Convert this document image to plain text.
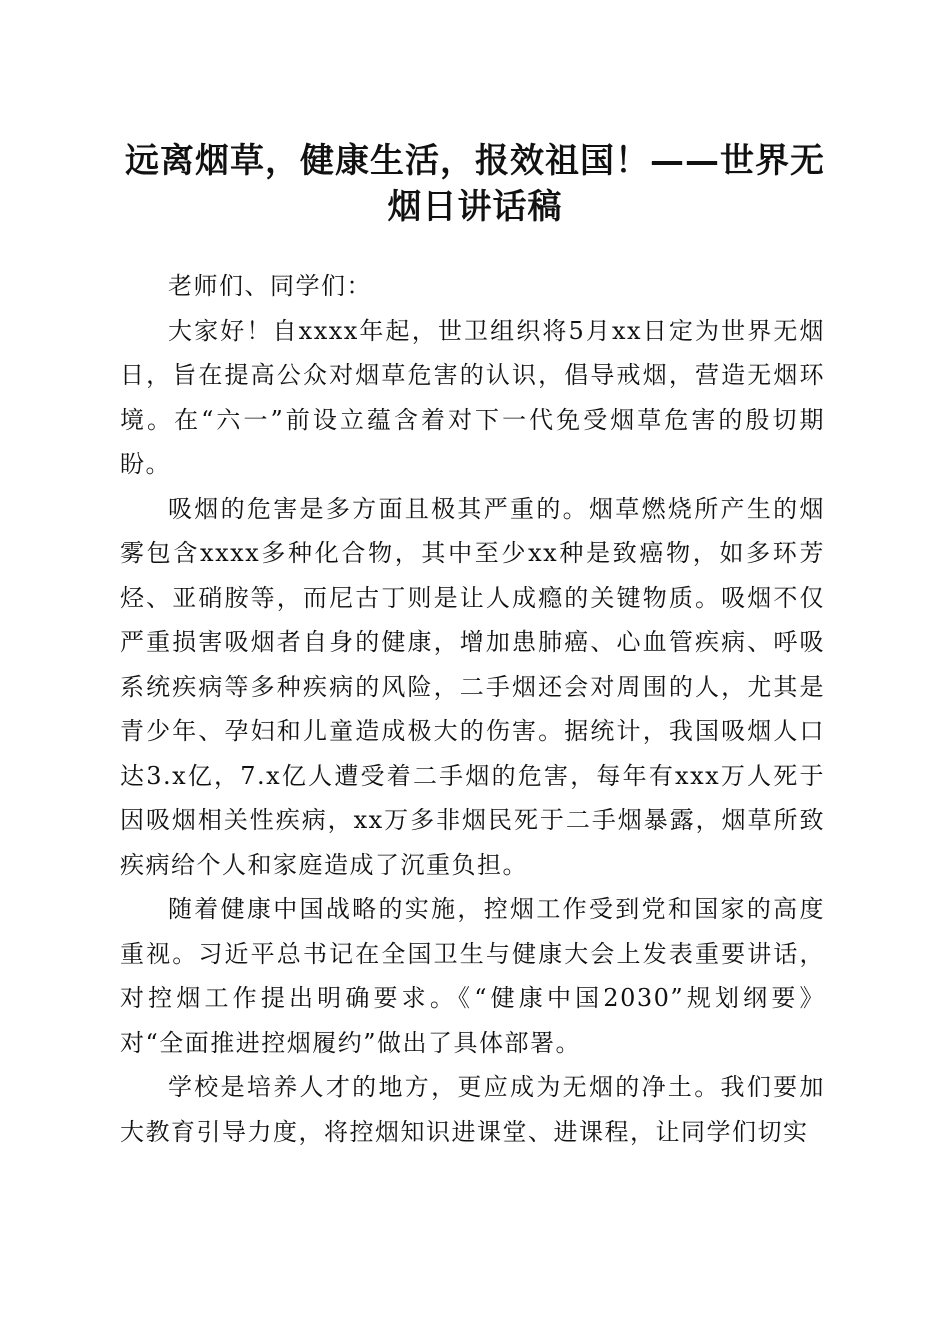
远离烟草，健康生活，报效祖国！——世界无
烟日讲话稿

老师们、同学们：

大家好！自xxxx年起，世卫组织将5月xx日定为世界无烟日，旨在提高公众对烟草危害的认识，倡导戒烟，营造无烟环境。在“六一”前设立蕴含着对下一代免受烟草危害的殷切期盼。

吸烟的危害是多方面且极其严重的。烟草燃烧所产生的烟雾包含xxxx多种化合物，其中至少xx种是致癌物，如多环芳烃、亚硝胺等，而尼古丁则是让人成瘾的关键物质。吸烟不仅严重损害吸烟者自身的健康，增加患肺癌、心血管疾病、呼吸系统疾病等多种疾病的风险，二手烟还会对周围的人，尤其是青少年、孕妇和儿童造成极大的伤害。据统计，我国吸烟人口达3.x亿，7.x亿人遭受着二手烟的危害，每年有xxx万人死于因吸烟相关性疾病，xx万多非烟民死于二手烟暴露，烟草所致疾病给个人和家庭造成了沉重负担。

随着健康中国战略的实施，控烟工作受到党和国家的高度重视。习近平总书记在全国卫生与健康大会上发表重要讲话，对控烟工作提出明确要求。《“健康中国2030”规划纲要》对“全面推进控烟履约”做出了具体部署。

学校是培养人才的地方，更应成为无烟的净土。我们要加大教育引导力度，将控烟知识进课堂、进课程，让同学们切实
